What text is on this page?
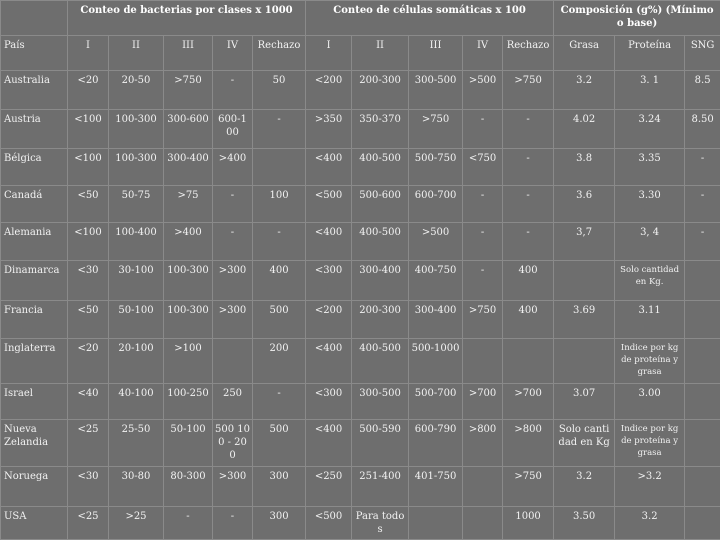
	Conteo de bacterias por clases x 1000					Conteo de células somáticas x 100					Composición (g%) (Mínimo o base)		
País	I	II	III	IV	Rechazo	I	II	III	IV	Rechazo	Grasa	Proteína	SNG
Australia	<20	20-50	>750	-	50	<200	200-300	300-500	>500	>750	3.2	3. 1	8.5
Austria	<100	100-300	300-600	600-100	-	>350	350-370	>750	-	-	4.02	3.24	8.50
Bélgica	<100	100-300	300-400	>400		<400	400-500	500-750	<750	-	3.8	3.35	-
Canadá	<50	50-75	>75	-	100	<500	500-600	600-700	-	-	3.6	3.30	-
Alemania	<100	100-400	>400	-	-	<400	400-500	>500	-	-	3,7	3, 4	-
Dinamarca	<30	30-100	100-300	>300	400	<300	300-400	400-750	-	400		Solo cantidad en Kg.	
Francia	<50	50-100	100-300	>300	500	<200	200-300	300-400	>750	400	3.69	3.11	
Inglaterra	<20	20-100	>100		200	<400	400-500	500-1000				Indice por kg de proteína y grasa	
Israel	<40	40-100	100-250	250	-	<300	300-500	500-700	>700	>700	3.07	3.00	
Nueva Zelandia	<25	25-50	50-100	500 100 - 200	500	<400	500-590	600-790	>800	>800	Solo cantidad en Kg	Indice por kg de proteína y grasa	
Noruega	<30	30-80	80-300	>300	300	<250	251-400	401-750		>750	3.2	>3.2	
USA	<25	>25	-	-	300	<500	Para todos			1000	3.50	3.2	
